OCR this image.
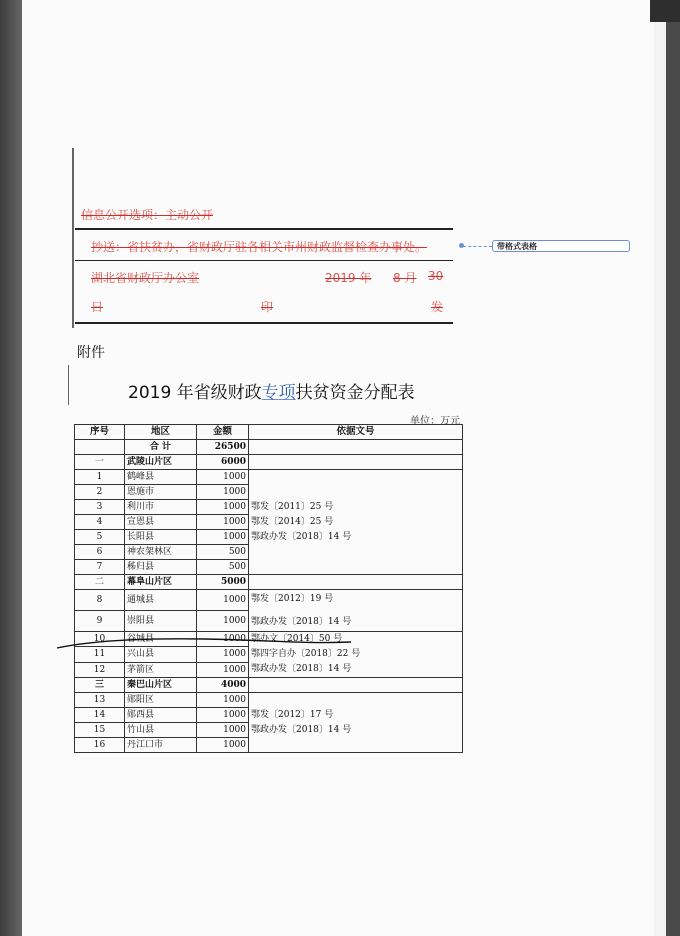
信息公开选项：主动公开
抄送：省扶贫办，省财政厅驻各相关市州财政监督检查办事处。
湖北省财政厅办公室	2019 年 8 月 30
日	印	发
带格式表格
附件
2019 年省级财政专项扶贫资金分配表
单位：万元
序号	地区	金额	依据文号
	合 计	26500	
一	武陵山片区	6000	
1	鹤峰县	1000	鄂发〔2011〕25 号
鄂发〔2014〕25 号
鄂政办发〔2018〕14 号

2	恩施市	1000	
3	利川市	1000	
4	宣恩县	1000	
5	长阳县	1000	
6	神农架林区	500	
7	秭归县	500	
二	幕阜山片区	5000	
8	通城县	1000	鄂发〔2012〕19 号
鄂政办发〔2018〕14 号

9	崇阳县	1000	
10	谷城县	1000	鄂办文〔2014〕50 号
鄂四字自办〔2018〕22 号
鄂政办发〔2018〕14 号

11	兴山县	1000	
12	茅箭区	1000	
三	秦巴山片区	4000	
13	郧阳区	1000	鄂发〔2012〕17 号
鄂政办发〔2018〕14 号

14	郧西县	1000	
15	竹山县	1000	
16	丹江口市	1000	
